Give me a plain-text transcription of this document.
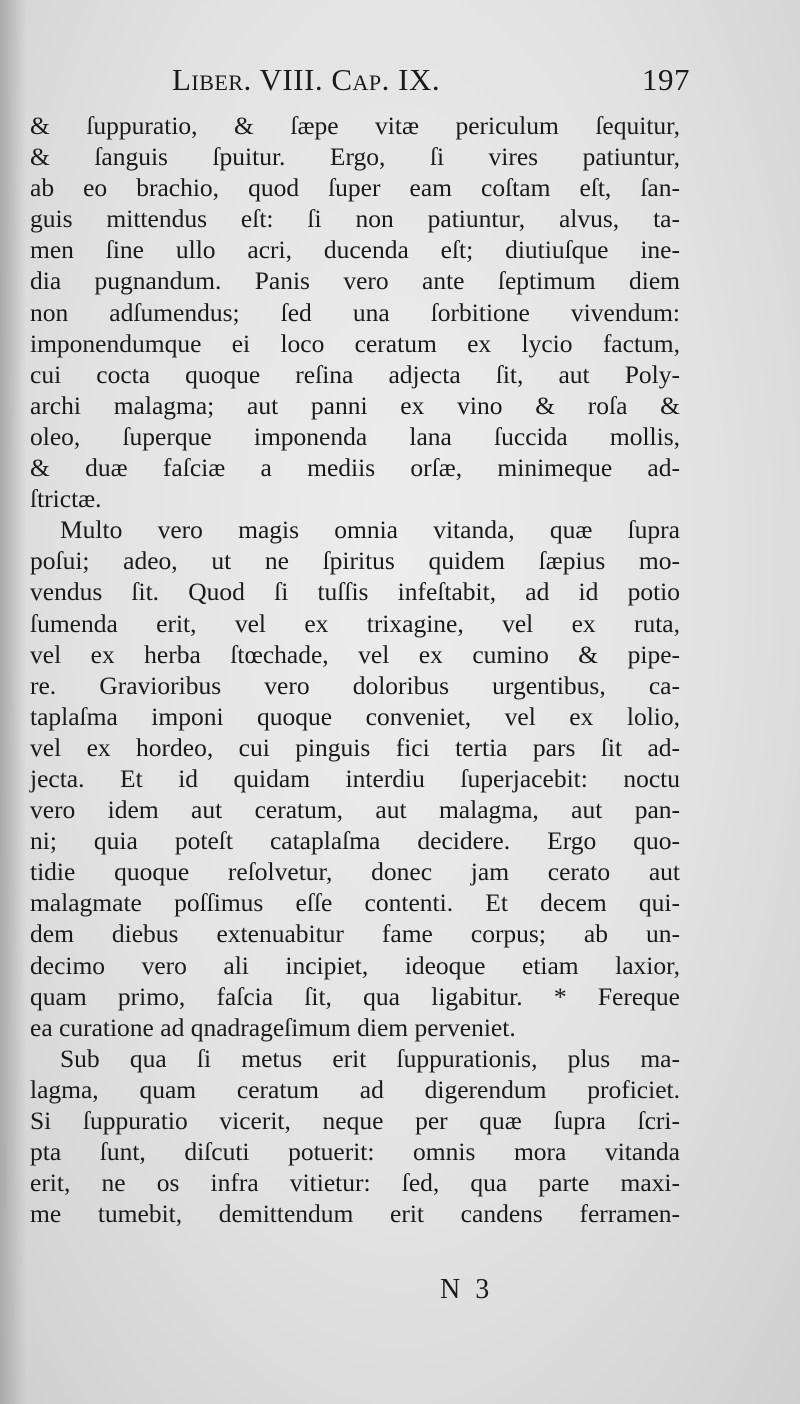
Liber. VIII. Cap. IX.	197
& ſuppuratio, & ſæpe vitæ periculum ſequitur,
& ſanguis ſpuitur. Ergo, ſi vires patiuntur,
ab eo brachio, quod ſuper eam coſtam eſt, ſan-
guis mittendus eſt: ſi non patiuntur, alvus, ta-
men ſine ullo acri, ducenda eſt; diutiuſque ine-
dia pugnandum. Panis vero ante ſeptimum diem
non adſumendus; ſed una ſorbitione vivendum:
imponendumque ei loco ceratum ex lycio factum,
cui cocta quoque reſina adjecta ſit, aut Poly-
archi malagma; aut panni ex vino & roſa &
oleo, ſuperque imponenda lana ſuccida mollis,
& duæ faſciæ a mediis orſæ, minimeque ad-
ſtrictæ.
Multo vero magis omnia vitanda, quæ ſupra
poſui; adeo, ut ne ſpiritus quidem ſæpius mo-
vendus ſit. Quod ſi tuſſis infeſtabit, ad id potio
ſumenda erit, vel ex trixagine, vel ex ruta,
vel ex herba ſtœchade, vel ex cumino & pipe-
re. Gravioribus vero doloribus urgentibus, ca-
taplaſma imponi quoque conveniet, vel ex lolio,
vel ex hordeo, cui pinguis fici tertia pars ſit ad-
jecta. Et id quidam interdiu ſuperjacebit: noctu
vero idem aut ceratum, aut malagma, aut pan-
ni; quia poteſt cataplaſma decidere. Ergo quo-
tidie quoque reſolvetur, donec jam cerato aut
malagmate poſſimus eſſe contenti. Et decem qui-
dem diebus extenuabitur fame corpus; ab un-
decimo vero ali incipiet, ideoque etiam laxior,
quam primo, faſcia ſit, qua ligabitur. * Fereque
ea curatione ad qnadrageſimum diem perveniet.
Sub qua ſi metus erit ſuppurationis, plus ma-
lagma, quam ceratum ad digerendum proficiet.
Si ſuppuratio vicerit, neque per quæ ſupra ſcri-
pta ſunt, diſcuti potuerit: omnis mora vitanda
erit, ne os infra vitietur: ſed, qua parte maxi-
me tumebit, demittendum erit candens ferramen-
N 3
